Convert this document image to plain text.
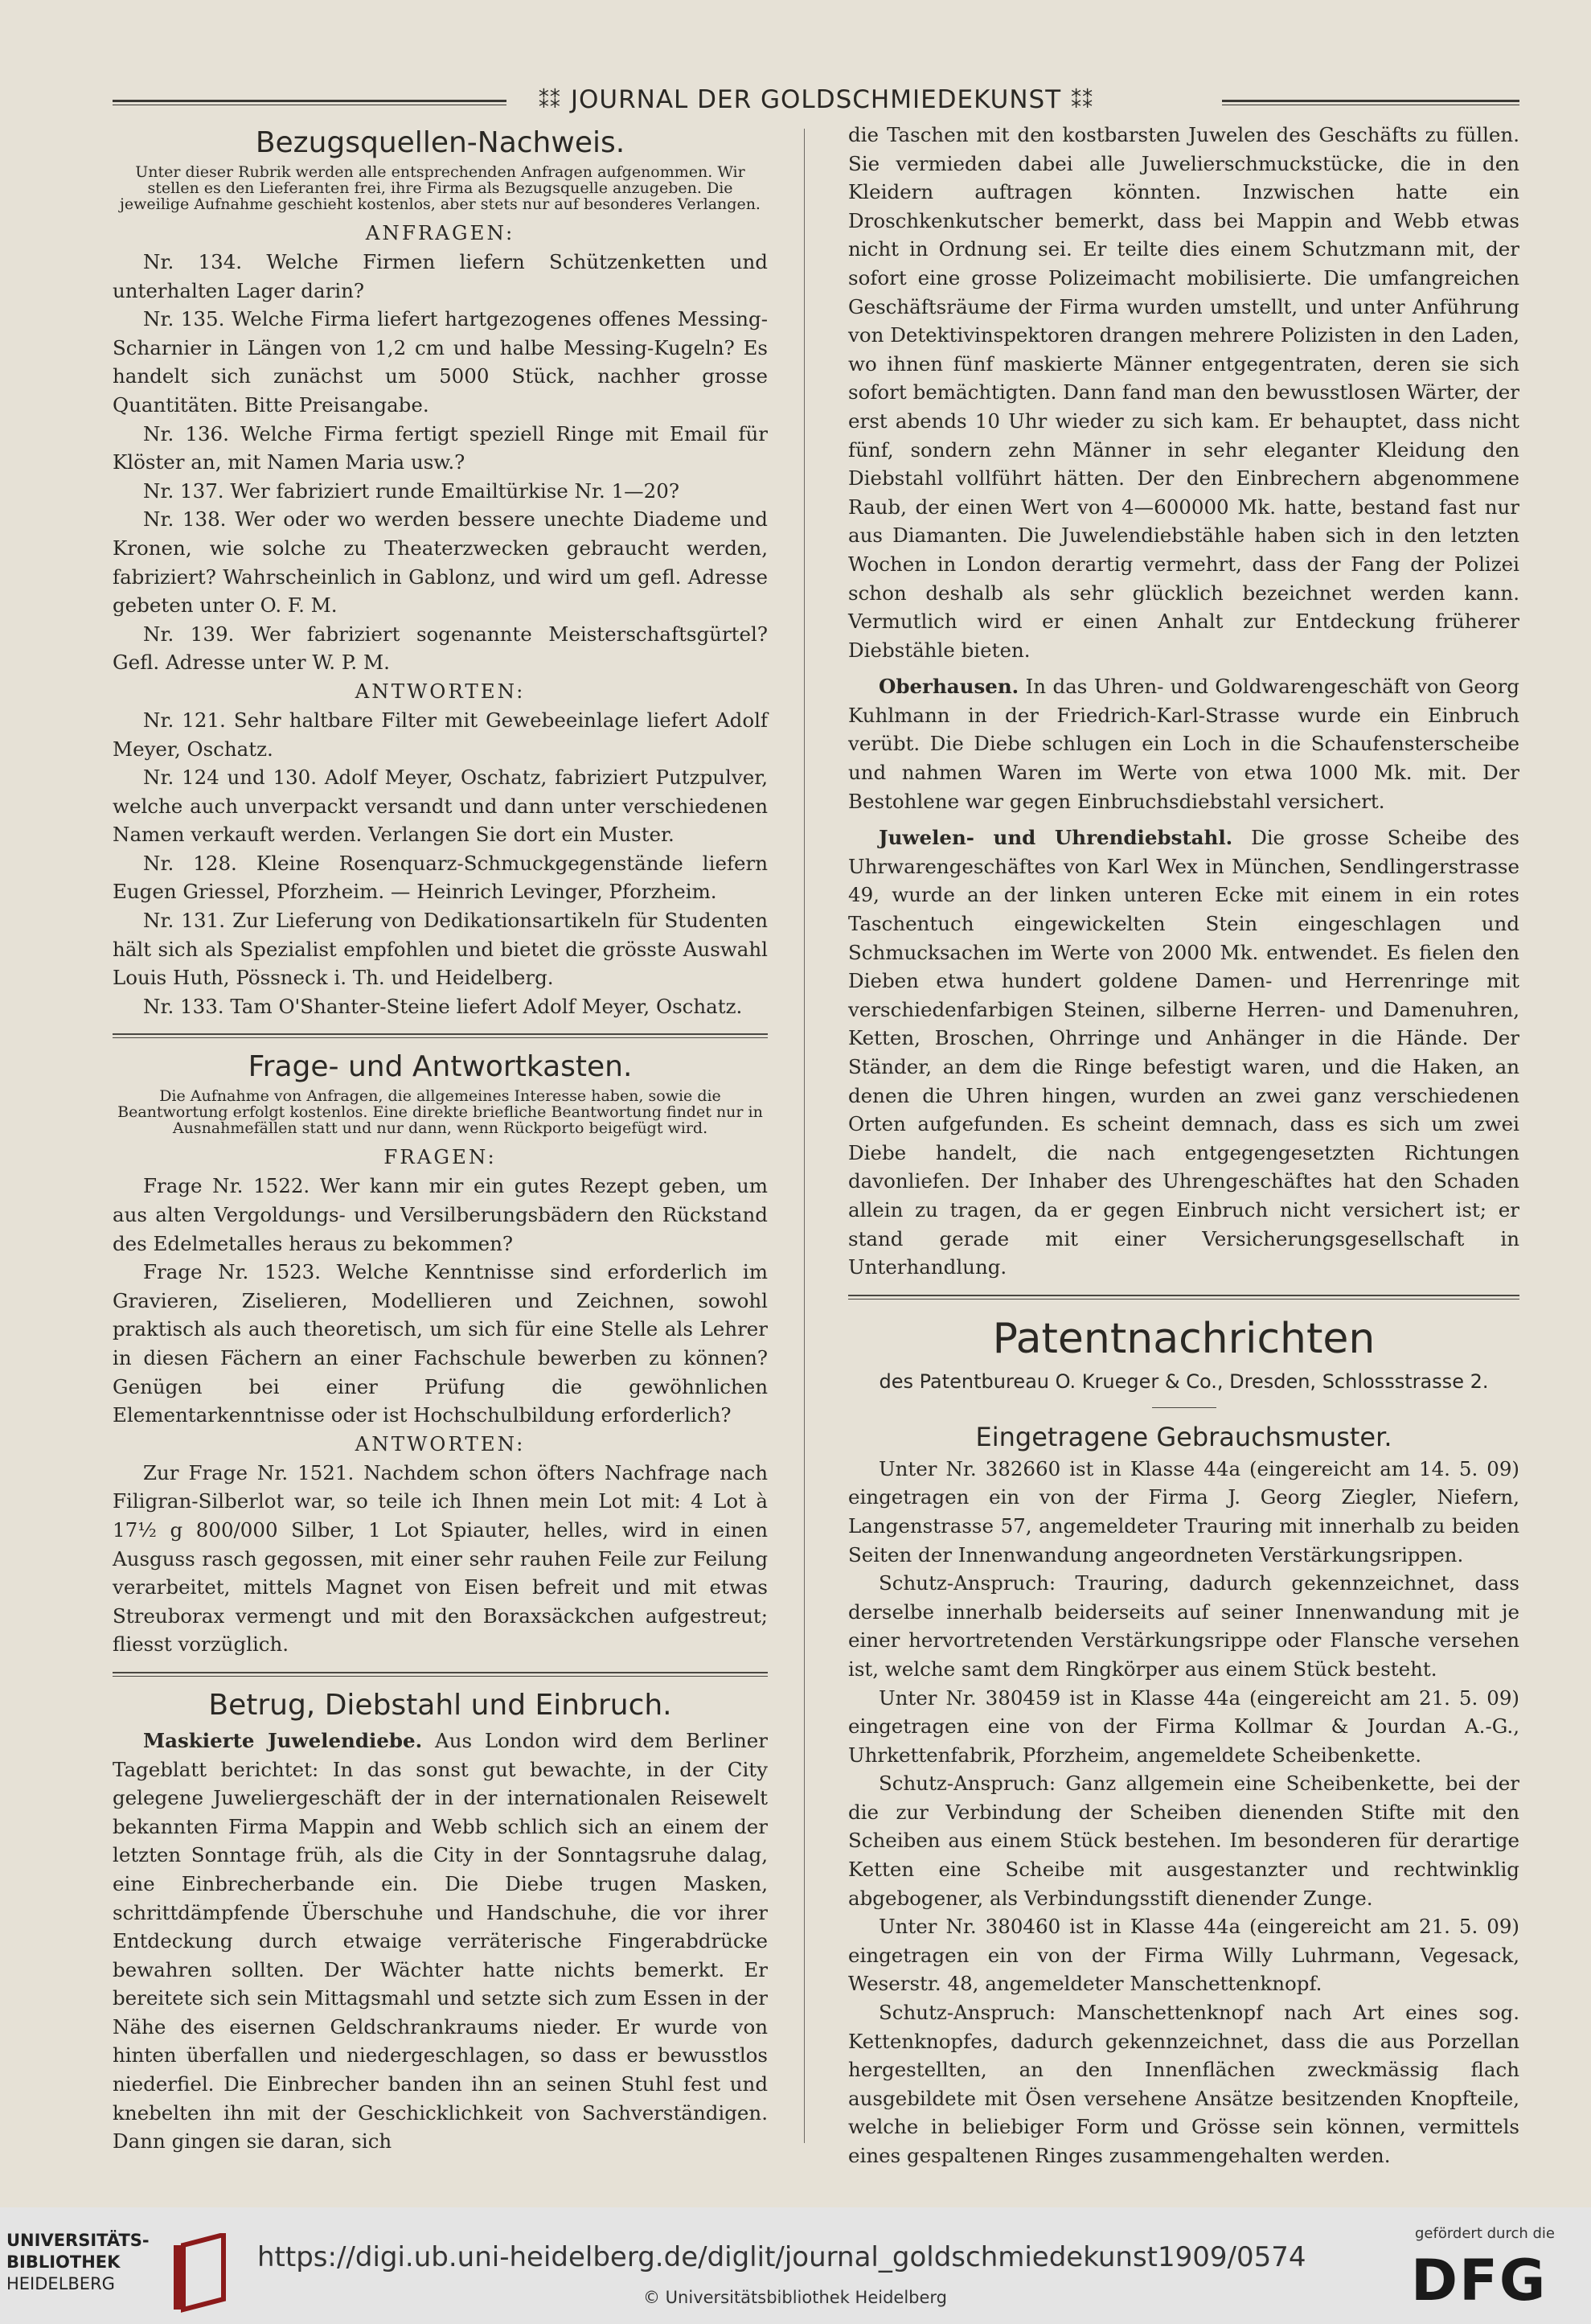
⁑⁑ JOURNAL DER GOLDSCHMIEDEKUNST ⁑⁑
Bezugsquellen-Nachweis.
Unter dieser Rubrik werden alle entsprechenden Anfragen aufgenommen. Wir stellen es den Lieferanten frei, ihre Firma als Bezugsquelle anzugeben. Die jeweilige Aufnahme geschieht kostenlos, aber stets nur auf besonderes Verlangen.
ANFRAGEN:

Nr. 134. Welche Firmen liefern Schützenketten und unterhalten Lager darin?

Nr. 135. Welche Firma liefert hartgezogenes offenes Messing-Scharnier in Längen von 1,2 cm und halbe Messing-Kugeln? Es handelt sich zunächst um 5000 Stück, nachher grosse Quantitäten. Bitte Preisangabe.

Nr. 136. Welche Firma fertigt speziell Ringe mit Email für Klöster an, mit Namen Maria usw.?

Nr. 137. Wer fabriziert runde Emailtürkise Nr. 1—20?

Nr. 138. Wer oder wo werden bessere unechte Diademe und Kronen, wie solche zu Theaterzwecken gebraucht werden, fabriziert? Wahrscheinlich in Gablonz, und wird um gefl. Adresse gebeten unter O. F. M.

Nr. 139. Wer fabriziert sogenannte Meisterschaftsgürtel? Gefl. Adresse unter W. P. M.

ANTWORTEN:

Nr. 121. Sehr haltbare Filter mit Gewebeeinlage liefert Adolf Meyer, Oschatz.

Nr. 124 und 130. Adolf Meyer, Oschatz, fabriziert Putzpulver, welche auch unverpackt versandt und dann unter verschiedenen Namen verkauft werden. Verlangen Sie dort ein Muster.

Nr. 128. Kleine Rosenquarz-Schmuckgegenstände liefern Eugen Griessel, Pforzheim. — Heinrich Levinger, Pforzheim.

Nr. 131. Zur Lieferung von Dedikationsartikeln für Studenten hält sich als Spezialist empfohlen und bietet die grösste Auswahl Louis Huth, Pössneck i. Th. und Heidelberg.

Nr. 133. Tam O'Shanter-Steine liefert Adolf Meyer, Oschatz.

Frage- und Antwortkasten.
Die Aufnahme von Anfragen, die allgemeines Interesse haben, sowie die Beantwortung erfolgt kostenlos. Eine direkte briefliche Beantwortung findet nur in Ausnahmefällen statt und nur dann, wenn Rückporto beigefügt wird.
FRAGEN:

Frage Nr. 1522. Wer kann mir ein gutes Rezept geben, um aus alten Vergoldungs- und Versilberungsbädern den Rückstand des Edelmetalles heraus zu bekommen?

Frage Nr. 1523. Welche Kenntnisse sind erforderlich im Gravieren, Ziselieren, Modellieren und Zeichnen, sowohl praktisch als auch theoretisch, um sich für eine Stelle als Lehrer in diesen Fächern an einer Fachschule bewerben zu können? Genügen bei einer Prüfung die gewöhnlichen Elementarkenntnisse oder ist Hochschulbildung erforderlich?

ANTWORTEN:

Zur Frage Nr. 1521. Nachdem schon öfters Nachfrage nach Filigran-Silberlot war, so teile ich Ihnen mein Lot mit: 4 Lot à 17½ g 800/000 Silber, 1 Lot Spiauter, helles, wird in einen Ausguss rasch gegossen, mit einer sehr rauhen Feile zur Feilung verarbeitet, mittels Magnet von Eisen befreit und mit etwas Streuborax vermengt und mit den Boraxsäckchen aufgestreut; fliesst vorzüglich.

Betrug, Diebstahl und Einbruch.

Maskierte Juwelendiebe. Aus London wird dem Berliner Tageblatt berichtet: In das sonst gut bewachte, in der City gelegene Juweliergeschäft der in der internationalen Reisewelt bekannten Firma Mappin and Webb schlich sich an einem der letzten Sonntage früh, als die City in der Sonntagsruhe dalag, eine Einbrecherbande ein. Die Diebe trugen Masken, schrittdämpfende Überschuhe und Handschuhe, die vor ihrer Entdeckung durch etwaige verräterische Fingerabdrücke bewahren sollten. Der Wächter hatte nichts bemerkt. Er bereitete sich sein Mittagsmahl und setzte sich zum Essen in der Nähe des eisernen Geldschrankraums nieder. Er wurde von hinten überfallen und niedergeschlagen, so dass er bewusstlos niederfiel. Die Einbrecher banden ihn an seinen Stuhl fest und knebelten ihn mit der Geschicklichkeit von Sachverständigen. Dann gingen sie daran, sich

die Taschen mit den kostbarsten Juwelen des Geschäfts zu füllen. Sie vermieden dabei alle Juwelierschmuckstücke, die in den Kleidern auftragen könnten. Inzwischen hatte ein Droschkenkutscher bemerkt, dass bei Mappin and Webb etwas nicht in Ordnung sei. Er teilte dies einem Schutzmann mit, der sofort eine grosse Polizeimacht mobilisierte. Die umfangreichen Geschäftsräume der Firma wurden umstellt, und unter Anführung von Detektivinspektoren drangen mehrere Polizisten in den Laden, wo ihnen fünf maskierte Männer entgegentraten, deren sie sich sofort bemächtigten. Dann fand man den bewusstlosen Wärter, der erst abends 10 Uhr wieder zu sich kam. Er behauptet, dass nicht fünf, sondern zehn Männer in sehr eleganter Kleidung den Diebstahl vollführt hätten. Der den Einbrechern abgenommene Raub, der einen Wert von 4—600000 Mk. hatte, bestand fast nur aus Diamanten. Die Juwelendiebstähle haben sich in den letzten Wochen in London derartig vermehrt, dass der Fang der Polizei schon deshalb als sehr glücklich bezeichnet werden kann. Vermutlich wird er einen Anhalt zur Entdeckung früherer Diebstähle bieten.

Oberhausen. In das Uhren- und Goldwarengeschäft von Georg Kuhlmann in der Friedrich-Karl-Strasse wurde ein Einbruch verübt. Die Diebe schlugen ein Loch in die Schaufensterscheibe und nahmen Waren im Werte von etwa 1000 Mk. mit. Der Bestohlene war gegen Einbruchsdiebstahl versichert.

Juwelen- und Uhrendiebstahl. Die grosse Scheibe des Uhrwarengeschäftes von Karl Wex in München, Sendlingerstrasse 49, wurde an der linken unteren Ecke mit einem in ein rotes Taschentuch eingewickelten Stein eingeschlagen und Schmucksachen im Werte von 2000 Mk. entwendet. Es fielen den Dieben etwa hundert goldene Damen- und Herrenringe mit verschiedenfarbigen Steinen, silberne Herren- und Damenuhren, Ketten, Broschen, Ohrringe und Anhänger in die Hände. Der Ständer, an dem die Ringe befestigt waren, und die Haken, an denen die Uhren hingen, wurden an zwei ganz verschiedenen Orten aufgefunden. Es scheint demnach, dass es sich um zwei Diebe handelt, die nach entgegengesetzten Richtungen davonliefen. Der Inhaber des Uhrengeschäftes hat den Schaden allein zu tragen, da er gegen Einbruch nicht versichert ist; er stand gerade mit einer Versicherungsgesellschaft in Unterhandlung.

Patentnachrichten
des Patentbureau O. Krueger & Co., Dresden, Schlossstrasse 2.
Eingetragene Gebrauchsmuster.

Unter Nr. 382660 ist in Klasse 44a (eingereicht am 14. 5. 09) eingetragen ein von der Firma J. Georg Ziegler, Niefern, Langenstrasse 57, angemeldeter Trauring mit innerhalb zu beiden Seiten der Innenwandung angeordneten Verstärkungsrippen.

Schutz-Anspruch: Trauring, dadurch gekennzeichnet, dass derselbe innerhalb beiderseits auf seiner Innenwandung mit je einer hervortretenden Verstärkungsrippe oder Flansche versehen ist, welche samt dem Ringkörper aus einem Stück besteht.

Unter Nr. 380459 ist in Klasse 44a (eingereicht am 21. 5. 09) eingetragen eine von der Firma Kollmar & Jourdan A.-G., Uhrkettenfabrik, Pforzheim, angemeldete Scheibenkette.

Schutz-Anspruch: Ganz allgemein eine Scheibenkette, bei der die zur Verbindung der Scheiben dienenden Stifte mit den Scheiben aus einem Stück bestehen. Im besonderen für derartige Ketten eine Scheibe mit ausgestanzter und rechtwinklig abgebogener, als Verbindungsstift dienender Zunge.

Unter Nr. 380460 ist in Klasse 44a (eingereicht am 21. 5. 09) eingetragen ein von der Firma Willy Luhrmann, Vegesack, Weserstr. 48, angemeldeter Manschettenknopf.

Schutz-Anspruch: Manschettenknopf nach Art eines sog. Kettenknopfes, dadurch gekennzeichnet, dass die aus Porzellan hergestellten, an den Innenflächen zweckmässig flach ausgebildete mit Ösen versehene Ansätze besitzenden Knopfteile, welche in beliebiger Form und Grösse sein können, vermittels eines gespaltenen Ringes zusammengehalten werden.

UNIVERSITÄTS-
BIBLIOTHEK
HEIDELBERG
https://digi.ub.uni-heidelberg.de/diglit/journal_goldschmiedekunst1909/0574
© Universitätsbibliothek Heidelberg
gefördert durch die
DFG
